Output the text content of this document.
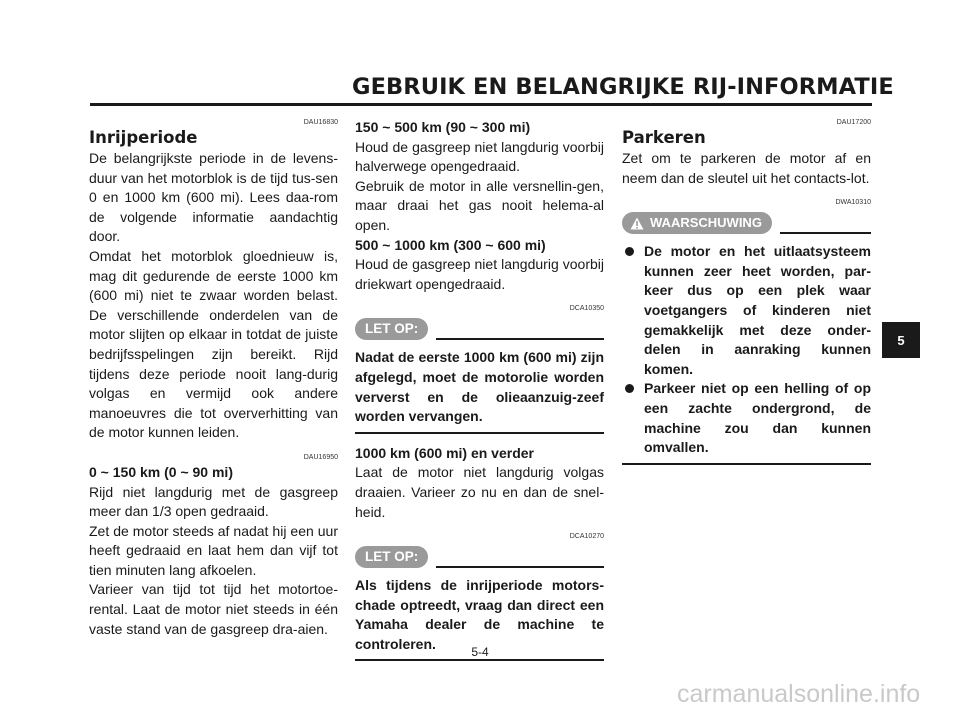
GEBRUIK EN BELANGRIJKE RIJ-INFORMATIE
DAU16830
Inrijperiode

De belangrijkste periode in de levens-duur van het motorblok is de tijd tus-sen 0 en 1000 km (600 mi). Lees daa-rom de volgende informatie aandachtig door.

Omdat het motorblok gloednieuw is, mag dit gedurende de eerste 1000 km (600 mi) niet te zwaar worden belast. De verschillende onderdelen van de motor slijten op elkaar in totdat de juiste bedrijfsspelingen zijn bereikt. Rijd tijdens deze periode nooit lang-durig volgas en vermijd ook andere manoeuvres die tot oververhitting van de motor kunnen leiden.

DAU16950
0 ~ 150 km (0 ~ 90 mi)

Rijd niet langdurig met de gasgreep meer dan 1/3 open gedraaid.

Zet de motor steeds af nadat hij een uur heeft gedraaid en laat hem dan vijf tot tien minuten lang afkoelen.

Varieer van tijd tot tijd het motortoe-rental. Laat de motor niet steeds in één vaste stand van de gasgreep dra-aien.

150 ~ 500 km (90 ~ 300 mi)

Houd de gasgreep niet langdurig voorbij halverwege opengedraaid.

Gebruik de motor in alle versnellin-gen, maar draai het gas nooit helema-al open.

500 ~ 1000 km (300 ~ 600 mi)

Houd de gasgreep niet langdurig voorbij driekwart opengedraaid.

DCA10350
LET OP:
Nadat de eerste 1000 km (600 mi) zijn afgelegd, moet de motorolie worden ververst en de olieaanzuig-zeef worden vervangen.
1000 km (600 mi) en verder

Laat de motor niet langdurig volgas draaien. Varieer zo nu en dan de snel-heid.

DCA10270
LET OP:
Als tijdens de inrijperiode motors-chade optreedt, vraag dan direct een Yamaha dealer de machine te controleren.
DAU17200
Parkeren

Zet om te parkeren de motor af en neem dan de sleutel uit het contacts-lot.

DWA10310
WAARSCHUWING
De motor en het uitlaatsysteem kunnen zeer heet worden, par-keer dus op een plek waar voetgangers of kinderen niet gemakkelijk met deze onder-delen in aanraking kunnen komen.
Parkeer niet op een helling of op een zachte ondergrond, de machine zou dan kunnen omvallen.
5-4
5
carmanualsonline.info
